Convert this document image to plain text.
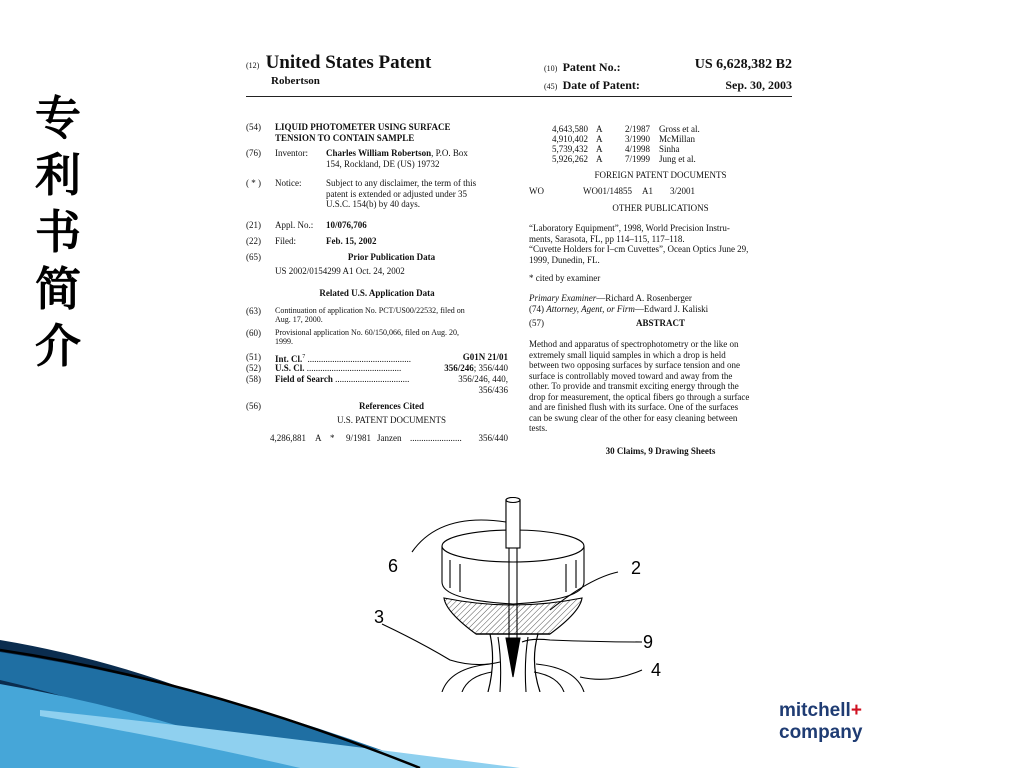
专
利
书
简
介
(12) United States Patent
Robertson
(10) Patent No.:	US 6,628,382 B2
(45) Date of Patent:	Sep. 30, 2003
(54)	LIQUID PHOTOMETER USING SURFACE
TENSION TO CONTAIN SAMPLE
(76)	Inventor:	Charles William Robertson, P.O. Box
154, Rockland, DE (US) 19732
( * )	Notice:	Subject to any disclaimer, the term of this
patent is extended or adjusted under 35
U.S.C. 154(b) by 40 days.
(21)	Appl. No.:	10/076,706
(22)	Filed:	Feb. 15, 2002
(65)	Prior Publication Data
US 2002/0154299 A1 Oct. 24, 2002
Related U.S. Application Data
(63)	Continuation of application No. PCT/US00/22532, filed on
Aug. 17, 2000.
(60)	Provisional application No. 60/150,066, filed on Aug. 20,
1999.
(51)	Int. Cl.$^7$ ..............................................	G01N 21/01
(52)	U.S. Cl. ..........................................	356/246; 356/440
(58)	Field of Search .................................	356/246, 440,
356/436
(56)	References Cited
U.S. PATENT DOCUMENTS
4,286,881 A * 9/1981 Janzen ....................... 356/440
4,643,580 A	2/1987 Gross et al.
4,910,402 A	3/1990 McMillan
5,739,432 A	4/1998 Sinha
5,926,262 A	7/1999 Jung et al.
FOREIGN PATENT DOCUMENTS
WO	WO01/14855 A1 3/2001
OTHER PUBLICATIONS
“Laboratory Equipment”, 1998, World Precision Instru-
ments, Sarasota, FL, pp 114–115, 117–118.
“Cuvette Holders for I–cm Cuvettes”, Ocean Optics June 29,
1999, Dunedin, FL.
* cited by examiner
Primary Examiner—Richard A. Rosenberger
(74) Attorney, Agent, or Firm—Edward J. Kaliski
(57)	ABSTRACT
Method and apparatus of spectrophotometry or the like on
extremely small liquid samples in which a drop is held
between two opposing surfaces by surface tension and one
surface is controllably moved toward and away from the
other. To provide and transmit exciting energy through the
drop for measurement, the optical fibers go through a surface
and are finished flush with its surface. One of the surfaces
can be swung clear of the other for easy cleaning between
tests.
30 Claims, 9 Drawing Sheets
6	2
3
9
4
mitchell+
company
